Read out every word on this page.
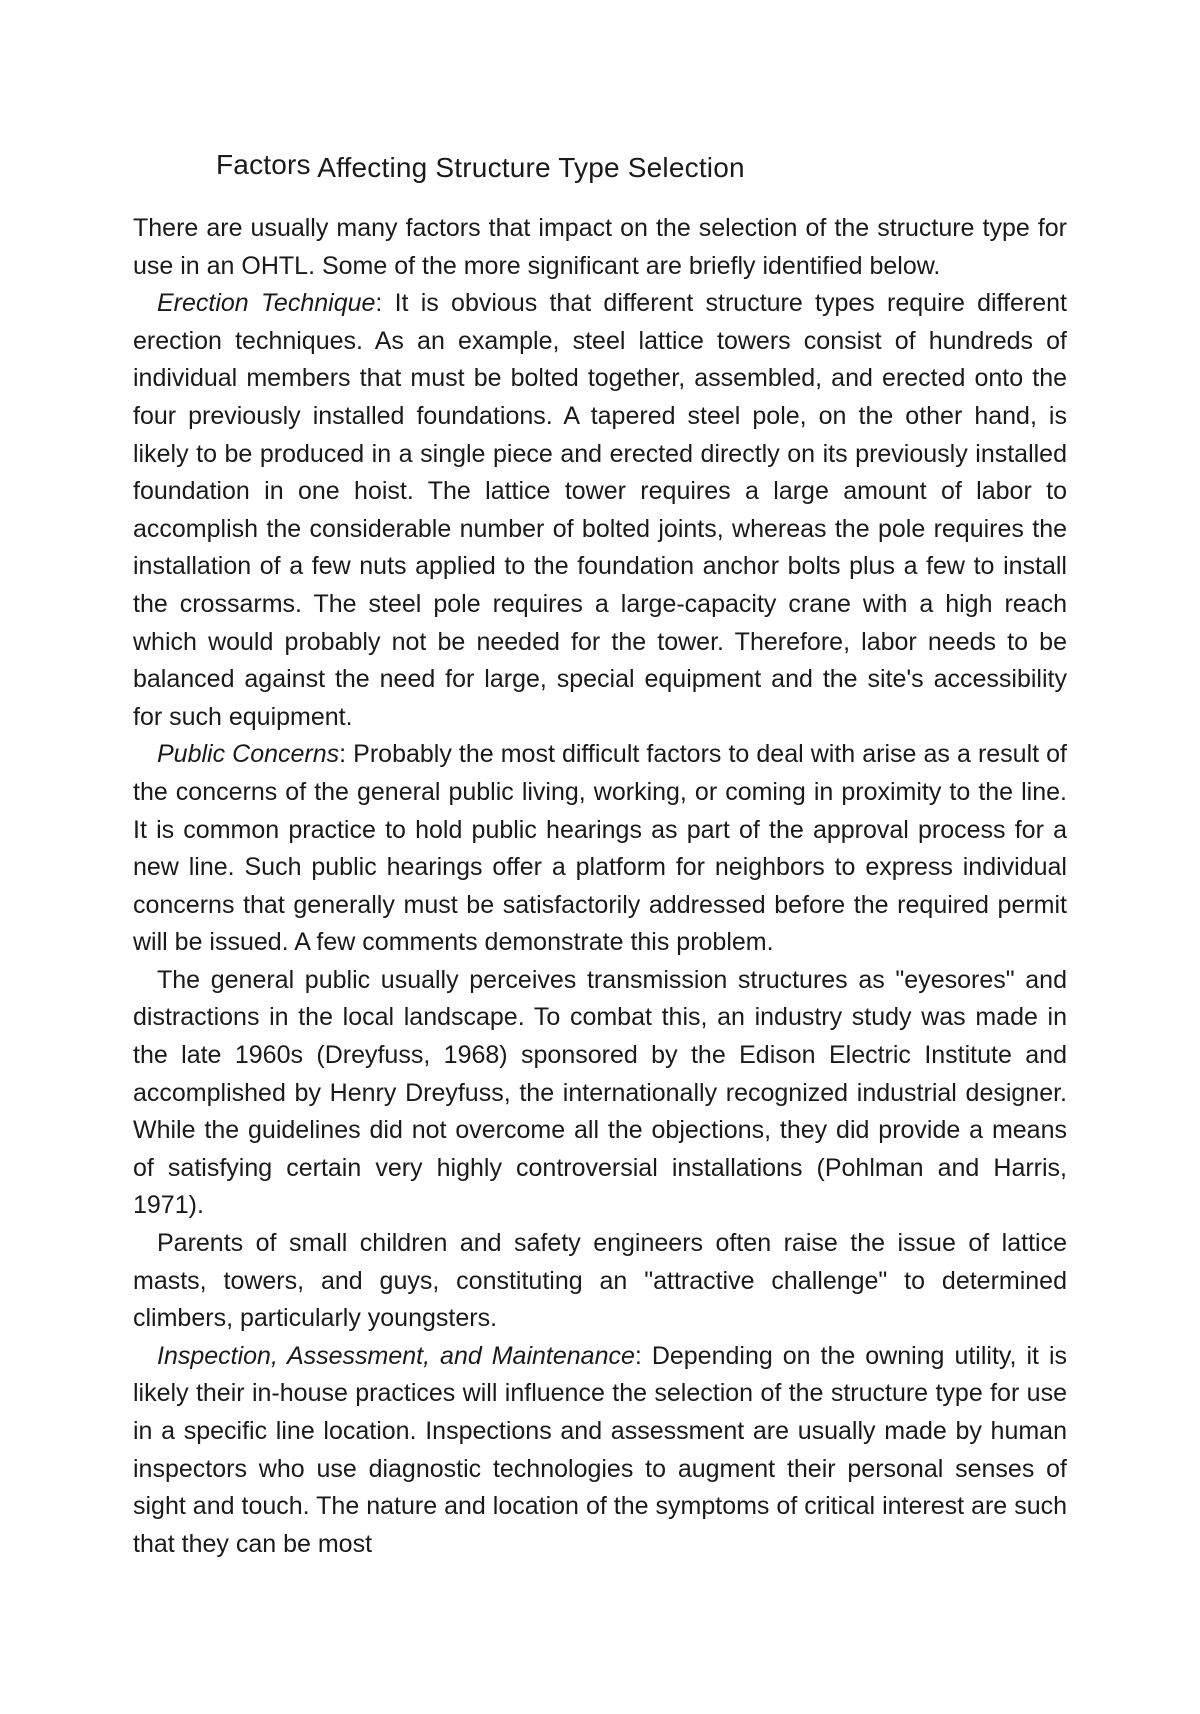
Factors Affecting Structure Type Selection

There are usually many factors that impact on the selection of the structure type for use in an OHTL. Some of the more significant are briefly identified below.

Erection Technique: It is obvious that different structure types require different erection techniques. As an example, steel lattice towers consist of hundreds of individual members that must be bolted together, assembled, and erected onto the four previously installed foundations. A tapered steel pole, on the other hand, is likely to be produced in a single piece and erected directly on its previously installed foundation in one hoist. The lattice tower requires a large amount of labor to accomplish the considerable number of bolted joints, whereas the pole requires the installation of a few nuts applied to the foundation anchor bolts plus a few to install the crossarms. The steel pole requires a large-capacity crane with a high reach which would probably not be needed for the tower. Therefore, labor needs to be balanced against the need for large, special equipment and the site's accessibility for such equipment.

Public Concerns: Probably the most difficult factors to deal with arise as a result of the concerns of the general public living, working, or coming in proximity to the line. It is common practice to hold public hearings as part of the approval process for a new line. Such public hearings offer a platform for neighbors to express individual concerns that generally must be satisfactorily addressed before the required permit will be issued. A few comments demonstrate this problem.

The general public usually perceives transmission structures as "eyesores" and distractions in the local landscape. To combat this, an industry study was made in the late 1960s (Dreyfuss, 1968) sponsored by the Edison Electric Institute and accomplished by Henry Dreyfuss, the internationally recognized industrial designer. While the guidelines did not overcome all the objections, they did provide a means of satisfying certain very highly controversial installations (Pohlman and Harris, 1971).

Parents of small children and safety engineers often raise the issue of lattice masts, towers, and guys, constituting an "attractive challenge" to determined climbers, particularly youngsters.

Inspection, Assessment, and Maintenance: Depending on the owning utility, it is likely their in-house practices will influence the selection of the structure type for use in a specific line location. Inspections and assessment are usually made by human inspectors who use diagnostic technologies to augment their personal senses of sight and touch. The nature and location of the symptoms of critical interest are such that they can be most
